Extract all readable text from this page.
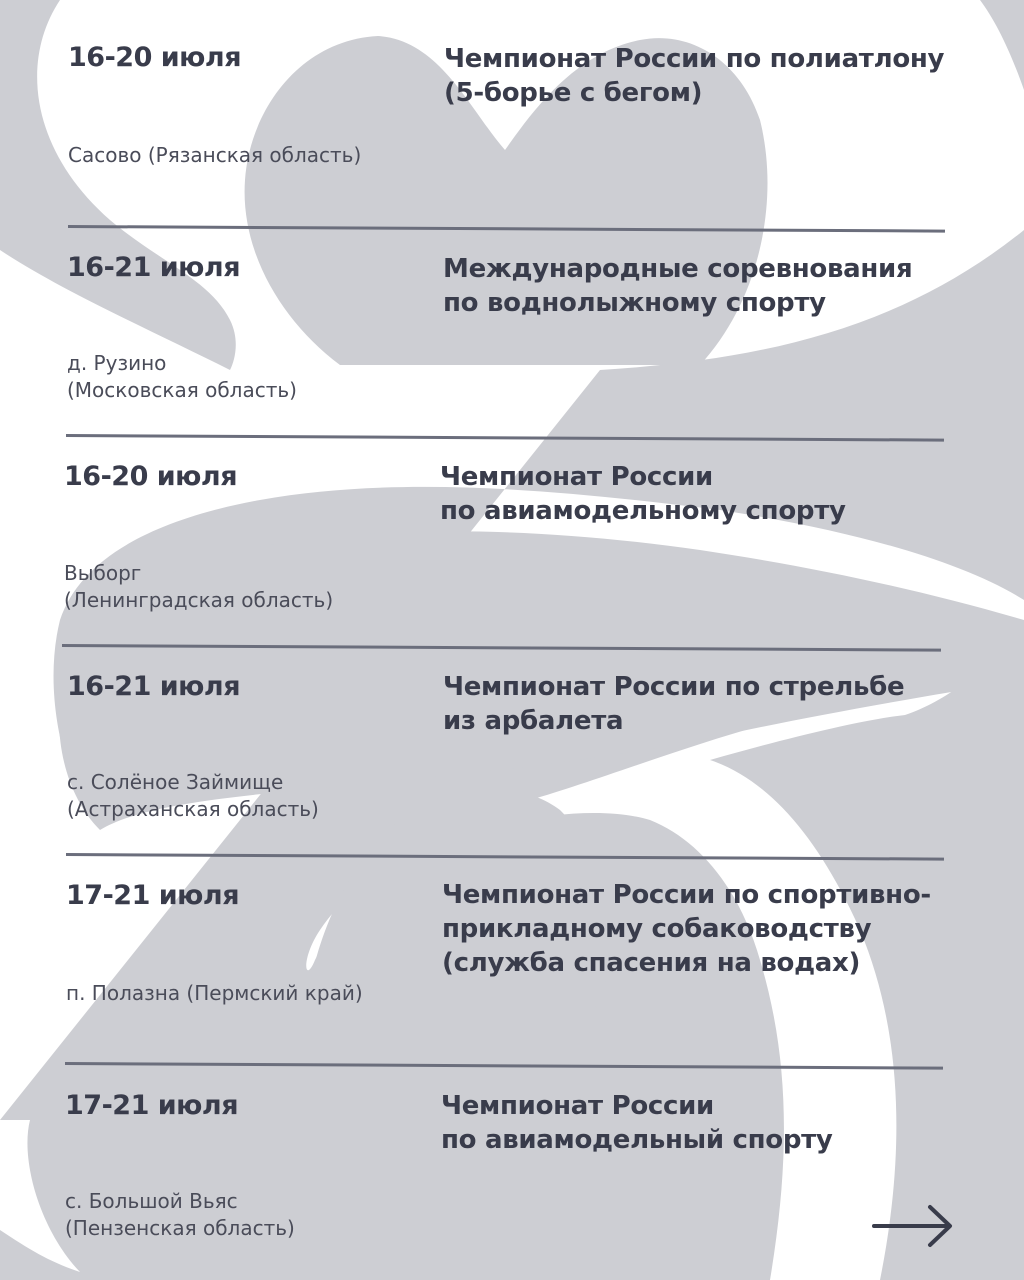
16-20 июля	Чемпионат России по полиатлону
(5-борье с бегом)
Сасово (Рязанская область)
16-21 июля	Международные соревнования
по воднолыжному спорту
д. Рузино
(Московская область)
16-20 июля	Чемпионат России
по авиамодельному спорту
Выборг
(Ленинградская область)
16-21 июля	Чемпионат России по стрельбе
из арбалета
с. Солёное Займище
(Астраханская область)
17-21 июля	Чемпионат России по спортивно-
прикладному собаководству
(служба спасения на водах)
п. Полазна (Пермский край)
17-21 июля	Чемпионат России
по авиамодельный спорту
с. Большой Вьяс
(Пензенская область)
